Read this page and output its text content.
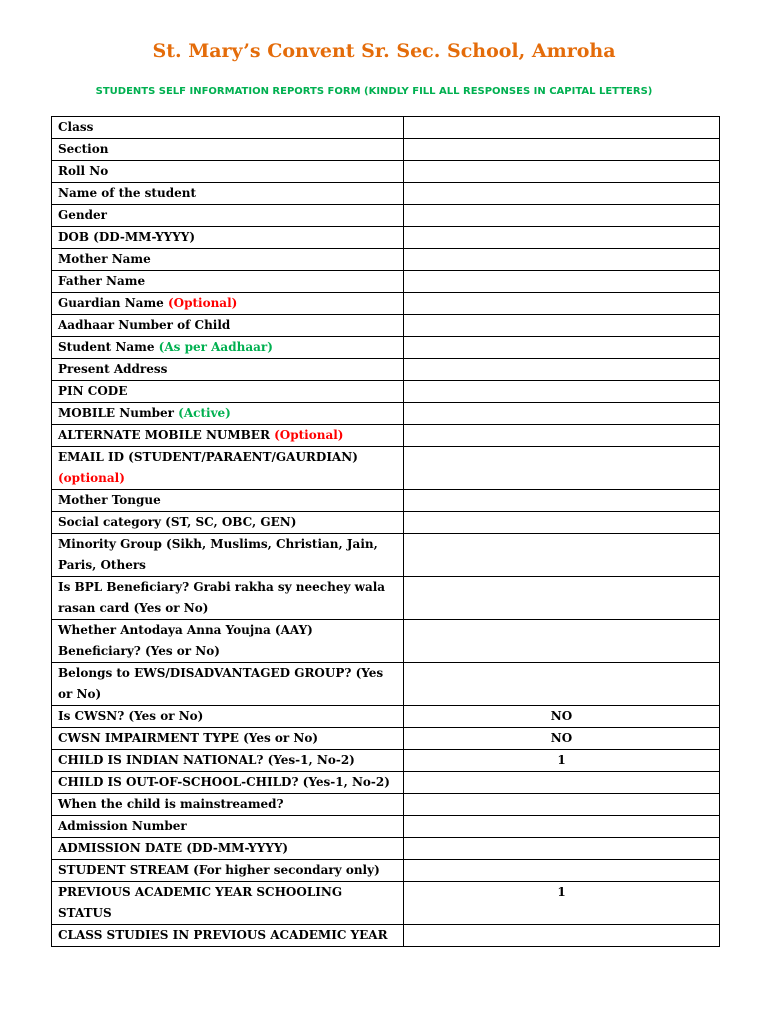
St. Mary’s Convent Sr. Sec. School, Amroha
STUDENTS SELF INFORMATION REPORTS FORM (KINDLY FILL ALL RESPONSES IN CAPITAL LETTERS)
Class	
Section	
Roll No	
Name of the student	
Gender	
DOB (DD-MM-YYYY)	
Mother Name	
Father Name	
Guardian Name (Optional)	
Aadhaar Number of Child	
Student Name (As per Aadhaar)	
Present Address	
PIN CODE	
MOBILE Number (Active)	
ALTERNATE MOBILE NUMBER (Optional)	
EMAIL ID (STUDENT/PARAENT/GAURDIAN)
(optional)	
Mother Tongue	
Social category (ST, SC, OBC, GEN)	
Minority Group (Sikh, Muslims, Christian, Jain, Paris, Others	
Is BPL Beneficiary? Grabi rakha sy neechey wala rasan card (Yes or No)	
Whether Antodaya Anna Youjna (AAY) Beneficiary? (Yes or No)	
Belongs to EWS/DISADVANTAGED GROUP? (Yes or No)	
Is CWSN? (Yes or No)	NO
CWSN IMPAIRMENT TYPE (Yes or No)	NO
CHILD IS INDIAN NATIONAL? (Yes-1, No-2)	1
CHILD IS OUT-OF-SCHOOL-CHILD? (Yes-1, No-2)	
When the child is mainstreamed?	
Admission Number	
ADMISSION DATE (DD-MM-YYYY)	
STUDENT STREAM (For higher secondary only)	
PREVIOUS ACADEMIC YEAR SCHOOLING STATUS	1
CLASS STUDIES IN PREVIOUS ACADEMIC YEAR	
